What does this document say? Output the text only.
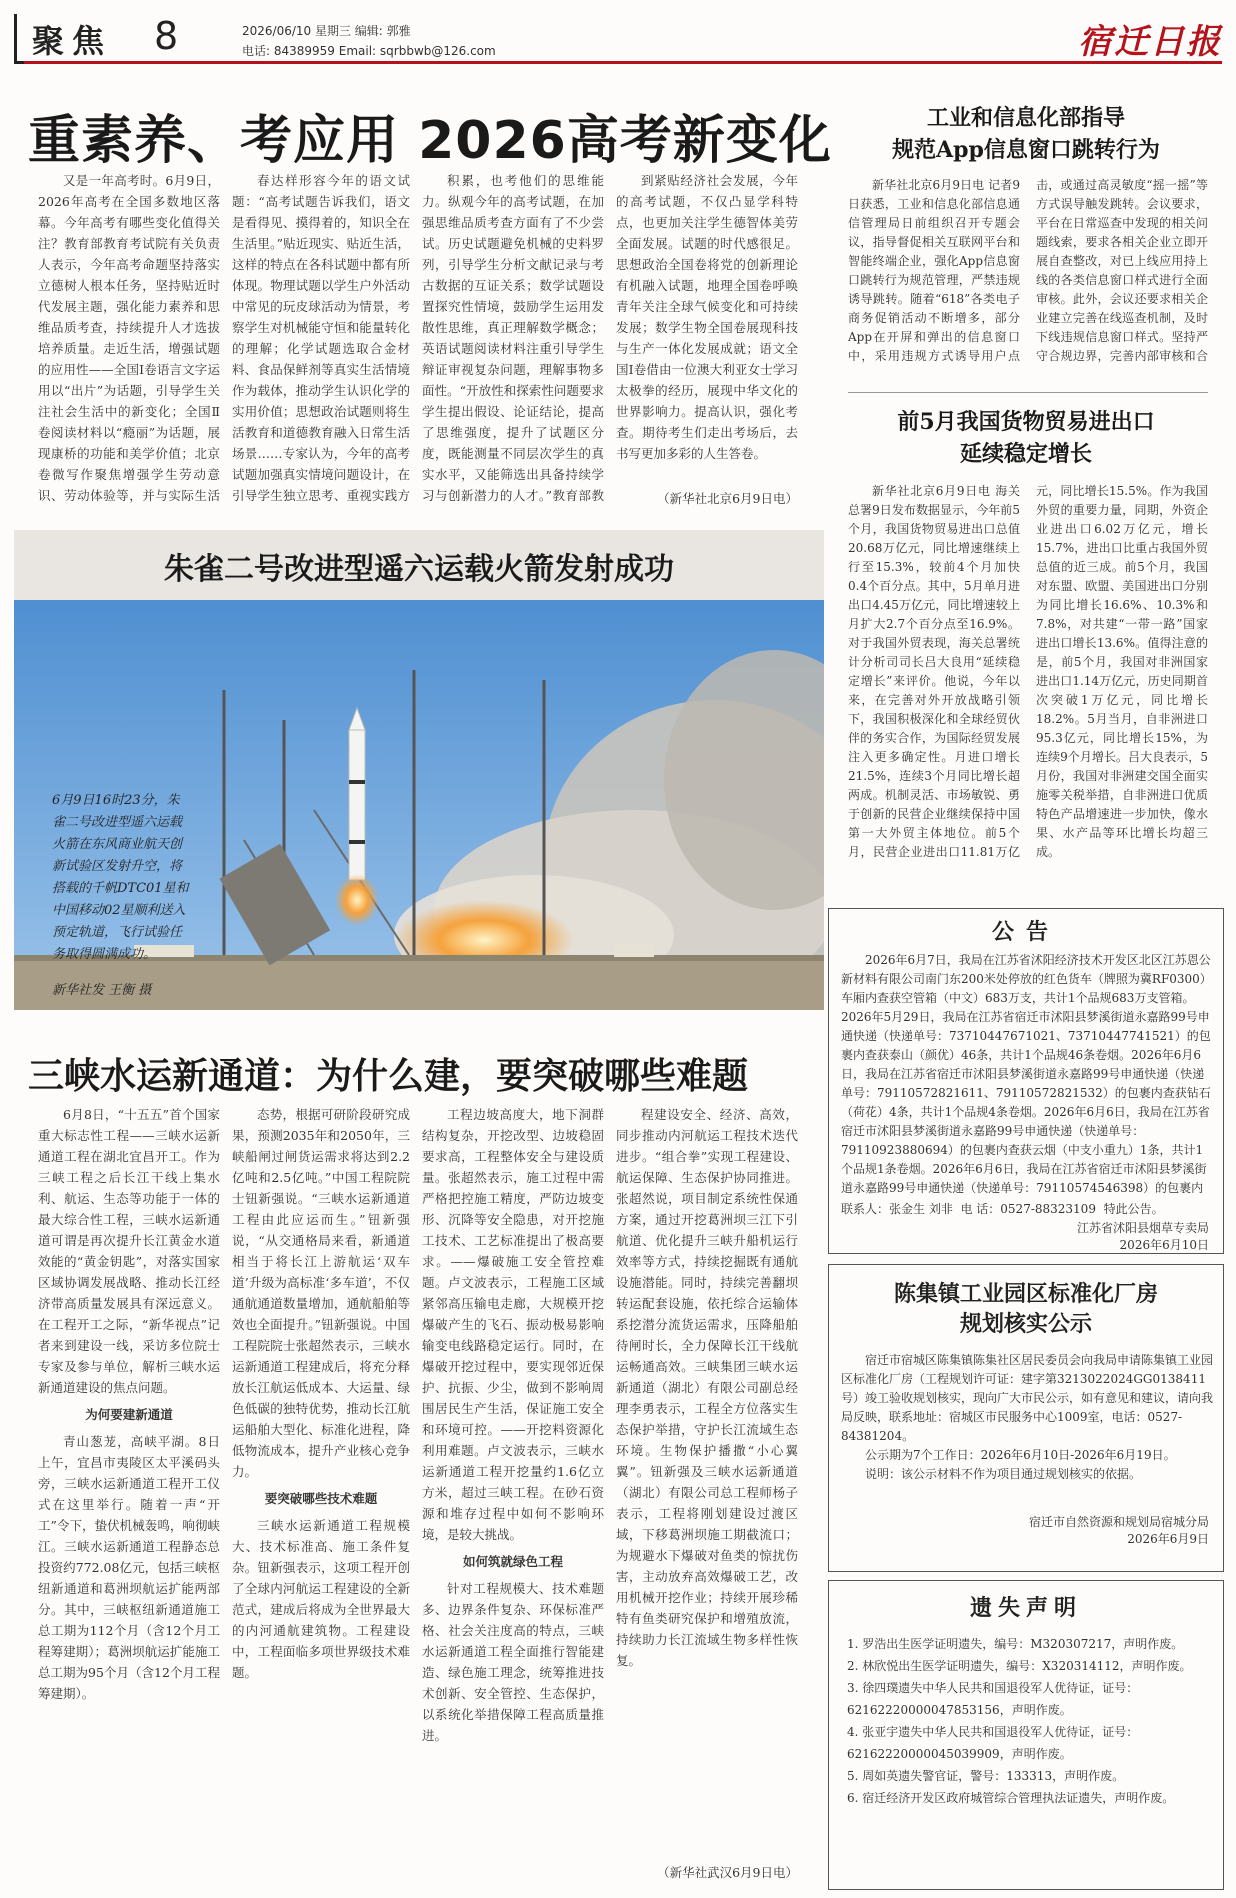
聚焦 8	2026/06/10 星期三 编辑: 郭雅
电话: 84389959 Email: sqrbbwb@126.com	宿迁日报
重素养、考应用 2026高考新变化

又是一年高考时。6月9日，2026年高考在全国多数地区落幕。今年高考有哪些变化值得关注？教育部教育考试院有关负责人表示，今年高考命题坚持落实立德树人根本任务，坚持贴近时代发展主题，强化能力素养和思维品质考查，持续提升人才选拔培养质量。走近生活，增强试题的应用性——全国Ⅰ卷语言文字运用以“出片”为话题，引导学生关注社会生活中的新变化；全国Ⅱ卷阅读材料以“瘾丽”为话题，展现康桥的功能和美学价值；北京卷微写作聚焦增强学生劳动意识、劳动体验等，并与实际生活

春达样形容今年的语文试题：“高考试题告诉我们，语文是看得见、摸得着的，知识全在生活里。”贴近现实、贴近生活，这样的特点在各科试题中都有所体现。物理试题以学生户外活动中常见的玩皮球活动为情景，考察学生对机械能守恒和能量转化的理解；化学试题选取合金材料、食品保鲜剂等真实生活情境作为载体，推动学生认识化学的实用价值；思想政治试题则将生活教育和道德教育融入日常生活场景……专家认为，今年的高考试题加强真实情境问题设计，在引导学生独立思考、重视实践方

积累，也考他们的思维能力。纵观今年的高考试题，在加强思维品质考查方面有了不少尝试。历史试题避免机械的史料罗列，引导学生分析文献记录与考古数据的互证关系；数学试题设置探究性情境，鼓励学生运用发散性思维，真正理解数学概念；英语试题阅读材料注重引导学生辩证审视复杂问题，理解事物多面性。“开放性和探索性问题要求学生提出假设、论证结论，提高了思维强度，提升了试题区分度，既能测量不同层次学生的真实水平，又能筛选出具备持续学习与创新潜力的人才。”教育部教

到紧贴经济社会发展，今年的高考试题，不仅凸显学科特点，也更加关注学生德智体美劳全面发展。试题的时代感很足。思想政治全国卷将党的创新理论有机融入试题，地理全国卷呼唤青年关注全球气候变化和可持续发展；数学生物全国卷展现科技与生产一体化发展成就；语文全国Ⅰ卷借由一位澳大利亚女士学习太极拳的经历，展现中华文化的世界影响力。提高认识，强化考查。期待考生们走出考场后，去书写更加多彩的人生答卷。

（新华社北京6月9日电）
朱雀二号改进型遥六运载火箭发射成功
6月9日16时23分，朱雀二号改进型遥六运载火箭在东风商业航天创新试验区发射升空，将搭载的千帆DTC01星和中国移动02星顺利送入预定轨道，飞行试验任务取得圆满成功。
新华社发 王衡 摄
三峡水运新通道：为什么建，要突破哪些难题

6月8日，“十五五”首个国家重大标志性工程——三峡水运新通道工程在湖北宜昌开工。作为三峡工程之后长江干线上集水利、航运、生态等功能于一体的最大综合性工程，三峡水运新通道可谓是再次提升长江黄金水道效能的“黄金钥匙”，对落实国家区域协调发展战略、推动长江经济带高质量发展具有深远意义。在工程开工之际，“新华视点”记者来到建设一线，采访多位院士专家及参与单位，解析三峡水运新通道建设的焦点问题。

为何要建新通道

青山葱茏，高峡平湖。8日上午，宜昌市夷陵区太平溪码头旁，三峡水运新通道工程开工仪式在这里举行。随着一声“开工”令下，蛰伏机械轰鸣，响彻峡江。三峡水运新通道工程静态总投资约772.08亿元，包括三峡枢纽新通道和葛洲坝航运扩能两部分。其中，三峡枢纽新通道施工总工期为112个月（含12个月工程筹建期）；葛洲坝航运扩能施工总工期为95个月（含12个月工程筹建期）。

态势，根据可研阶段研究成果，预测2035年和2050年，三峡船闸过闸货运需求将达到2.2亿吨和2.5亿吨。”中国工程院院士钮新强说。“三峡水运新通道工程由此应运而生。”钮新强说，“从交通格局来看，新通道相当于将长江上游航运‘双车道’升级为高标准‘多车道’，不仅通航通道数量增加，通航船舶等效也全面提升。”钮新强说。中国工程院院士张超然表示，三峡水运新通道工程建成后，将充分释放长江航运低成本、大运量、绿色低碳的独特优势，推动长江航运船舶大型化、标准化进程，降低物流成本，提升产业核心竞争力。

要突破哪些技术难题

三峡水运新通道工程规模大、技术标准高、施工条件复杂。钮新强表示，这项工程开创了全球内河航运工程建设的全新范式，建成后将成为全世界最大的内河通航建筑物。工程建设中，工程面临多项世界级技术难题。

工程边坡高度大，地下洞群结构复杂，开挖改型、边坡稳固要求高，工程整体安全与建设质量。张超然表示，施工过程中需严格把控施工精度，严防边坡变形、沉降等安全隐患，对开挖施工技术、工艺标准提出了极高要求。——爆破施工安全管控难题。卢文波表示，工程施工区域紧邻高压输电走廊，大规模开挖爆破产生的飞石、振动极易影响输变电线路稳定运行。同时，在爆破开挖过程中，要实现邻近保护、抗振、少尘，做到不影响周围居民生产生活，保证施工安全和环境可控。——开挖料资源化利用难题。卢文波表示，三峡水运新通道工程开挖量约1.6亿立方米，超过三峡工程。在砂石资源和堆存过程中如何不影响环境，是较大挑战。

如何筑就绿色工程

针对工程规模大、技术难题多、边界条件复杂、环保标准严格、社会关注度高的特点，三峡水运新通道工程全面推行智能建造、绿色施工理念，统筹推进技术创新、安全管控、生态保护，以系统化举措保障工程高质量推进。

程建设安全、经济、高效，同步推动内河航运工程技术迭代进步。“组合拳”实现工程建设、航运保障、生态保护协同推进。张超然说，项目制定系统性保通方案，通过开挖葛洲坝三江下引航道、优化提升三峡升船机运行效率等方式，持续挖掘既有通航设施潜能。同时，持续完善翻坝转运配套设施，依托综合运输体系挖潜分流货运需求，压降船舶待闸时长，全力保障长江干线航运畅通高效。三峡集团三峡水运新通道（湖北）有限公司副总经理李勇表示，工程全方位落实生态保护举措，守护长江流域生态环境。生物保护播撒“小心翼翼”。钮新强及三峡水运新通道（湖北）有限公司总工程师杨子表示，工程将刚划建设过渡区域，下移葛洲坝施工期截流口；为规避水下爆破对鱼类的惊扰伤害，主动放弃高效爆破工艺，改用机械开挖作业；持续开展珍稀特有鱼类研究保护和增殖放流，持续助力长江流域生物多样性恢复。

（新华社武汉6月9日电）
工业和信息化部指导
规范App信息窗口跳转行为

新华社北京6月9日电 记者9日获悉，工业和信息化部信息通信管理局日前组织召开专题会议，指导督促相关互联网平台和智能终端企业，强化App信息窗口跳转行为规范管理，严禁违规诱导跳转。随着“618”各类电子商务促销活动不断增多，部分App在开屏和弹出的信息窗口中，采用违规方式诱导用户点击，或通过高灵敏度“摇一摇”等方式误导触发跳转。会议要求，平台在日常巡查中发现的相关问题线索，要求各相关企业立即开展自查整改，对已上线应用持上线的各类信息窗口样式进行全面审核。此外，会议还要求相关企业建立完善在线巡查机制，及时下线违规信息窗口样式。坚持严守合规边界，完善内部审核和合

前5月我国货物贸易进出口
延续稳定增长

新华社北京6月9日电 海关总署9日发布数据显示，今年前5个月，我国货物贸易进出口总值20.68万亿元，同比增速继续上行至15.3%，较前4个月加快0.4个百分点。其中，5月单月进出口4.45万亿元，同比增速较上月扩大2.7个百分点至16.9%。对于我国外贸表现，海关总署统计分析司司长吕大良用“延续稳定增长”来评价。他说，今年以来，在完善对外开放战略引领下，我国积极深化和全球经贸伙伴的务实合作，为国际经贸发展注入更多确定性。月进口增长21.5%，连续3个月同比增长超两成。机制灵活、市场敏锐、勇于创新的民营企业继续保持中国第一大外贸主体地位。前5个月，民营企业进出口11.81万亿元，同比增长15.5%。作为我国外贸的重要力量，同期，外资企业进出口6.02万亿元，增长15.7%，进出口比重占我国外贸总值的近三成。前5个月，我国对东盟、欧盟、美国进出口分别为同比增长16.6%、10.3%和7.8%，对共建“一带一路”国家进出口增长13.6%。值得注意的是，前5个月，我国对非洲国家进出口1.14万亿元，历史同期首次突破1万亿元，同比增长18.2%。5月当月，自非洲进口95.3亿元，同比增长15%，为连续9个月增长。吕大良表示，5月份，我国对非洲建交国全面实施零关税举措，自非洲进口优质特色产品增速进一步加快，像水果、水产品等环比增长均超三成。

公告

2026年6月7日，我局在江苏省沭阳经济技术开发区北区江苏恩公新材料有限公司南门东200米处停放的红色货车（牌照为冀RF0300）车厢内查获空管箱（中文）683万支，共计1个品规683万支管箱。2026年5月29日，我局在江苏省宿迁市沭阳县梦溪街道永嘉路99号申通快递（快递单号：73710447671021、73710447741521）的包裹内查获泰山（颜优）46条，共计1个品规46条卷烟。2026年6月6日，我局在江苏省宿迁市沭阳县梦溪街道永嘉路99号申通快递（快递单号：79110572821611、79110572821532）的包裹内查获钻石（荷花）4条，共计1个品规4条卷烟。2026年6月6日，我局在江苏省宿迁市沭阳县梦溪街道永嘉路99号申通快递（快递单号：79110923880694）的包裹内查获云烟（中支小重九）1条，共计1个品规1条卷烟。2026年6月6日，我局在江苏省宿迁市沭阳县梦溪街道永嘉路99号申通快递（快递单号：79110574546398）的包裹内

联系人：张金生 刘非 电 话：0527-88323109 特此公告。
江苏省沭阳县烟草专卖局
2026年6月10日
陈集镇工业园区标准化厂房
规划核实公示

宿迁市宿城区陈集镇陈集社区居民委员会向我局申请陈集镇工业园区标准化厂房（工程规划许可证：建字第3213022024GG0138411号）竣工验收规划核实，现向广大市民公示，如有意见和建议，请向我局反映，联系地址：宿城区市民服务中心1009室，电话：0527-84381204。

公示期为7个工作日：2026年6月10日-2026年6月19日。

说明：该公示材料不作为项目通过规划核实的依据。

宿迁市自然资源和规划局宿城分局
2026年6月9日
遗失声明
1. 罗浩出生医学证明遗失，编号：M320307217，声明作废。
2. 林欣悦出生医学证明遗失，编号：X320314112，声明作废。
3. 徐四璞遗失中华人民共和国退役军人优待证，证号：62162220000047853156，声明作废。
4. 张亚宇遗失中华人民共和国退役军人优待证，证号：62162220000045039909，声明作废。
5. 周如英遗失警官证，警号：133313，声明作废。
6. 宿迁经济开发区政府城管综合管理执法证遗失，声明作废。
